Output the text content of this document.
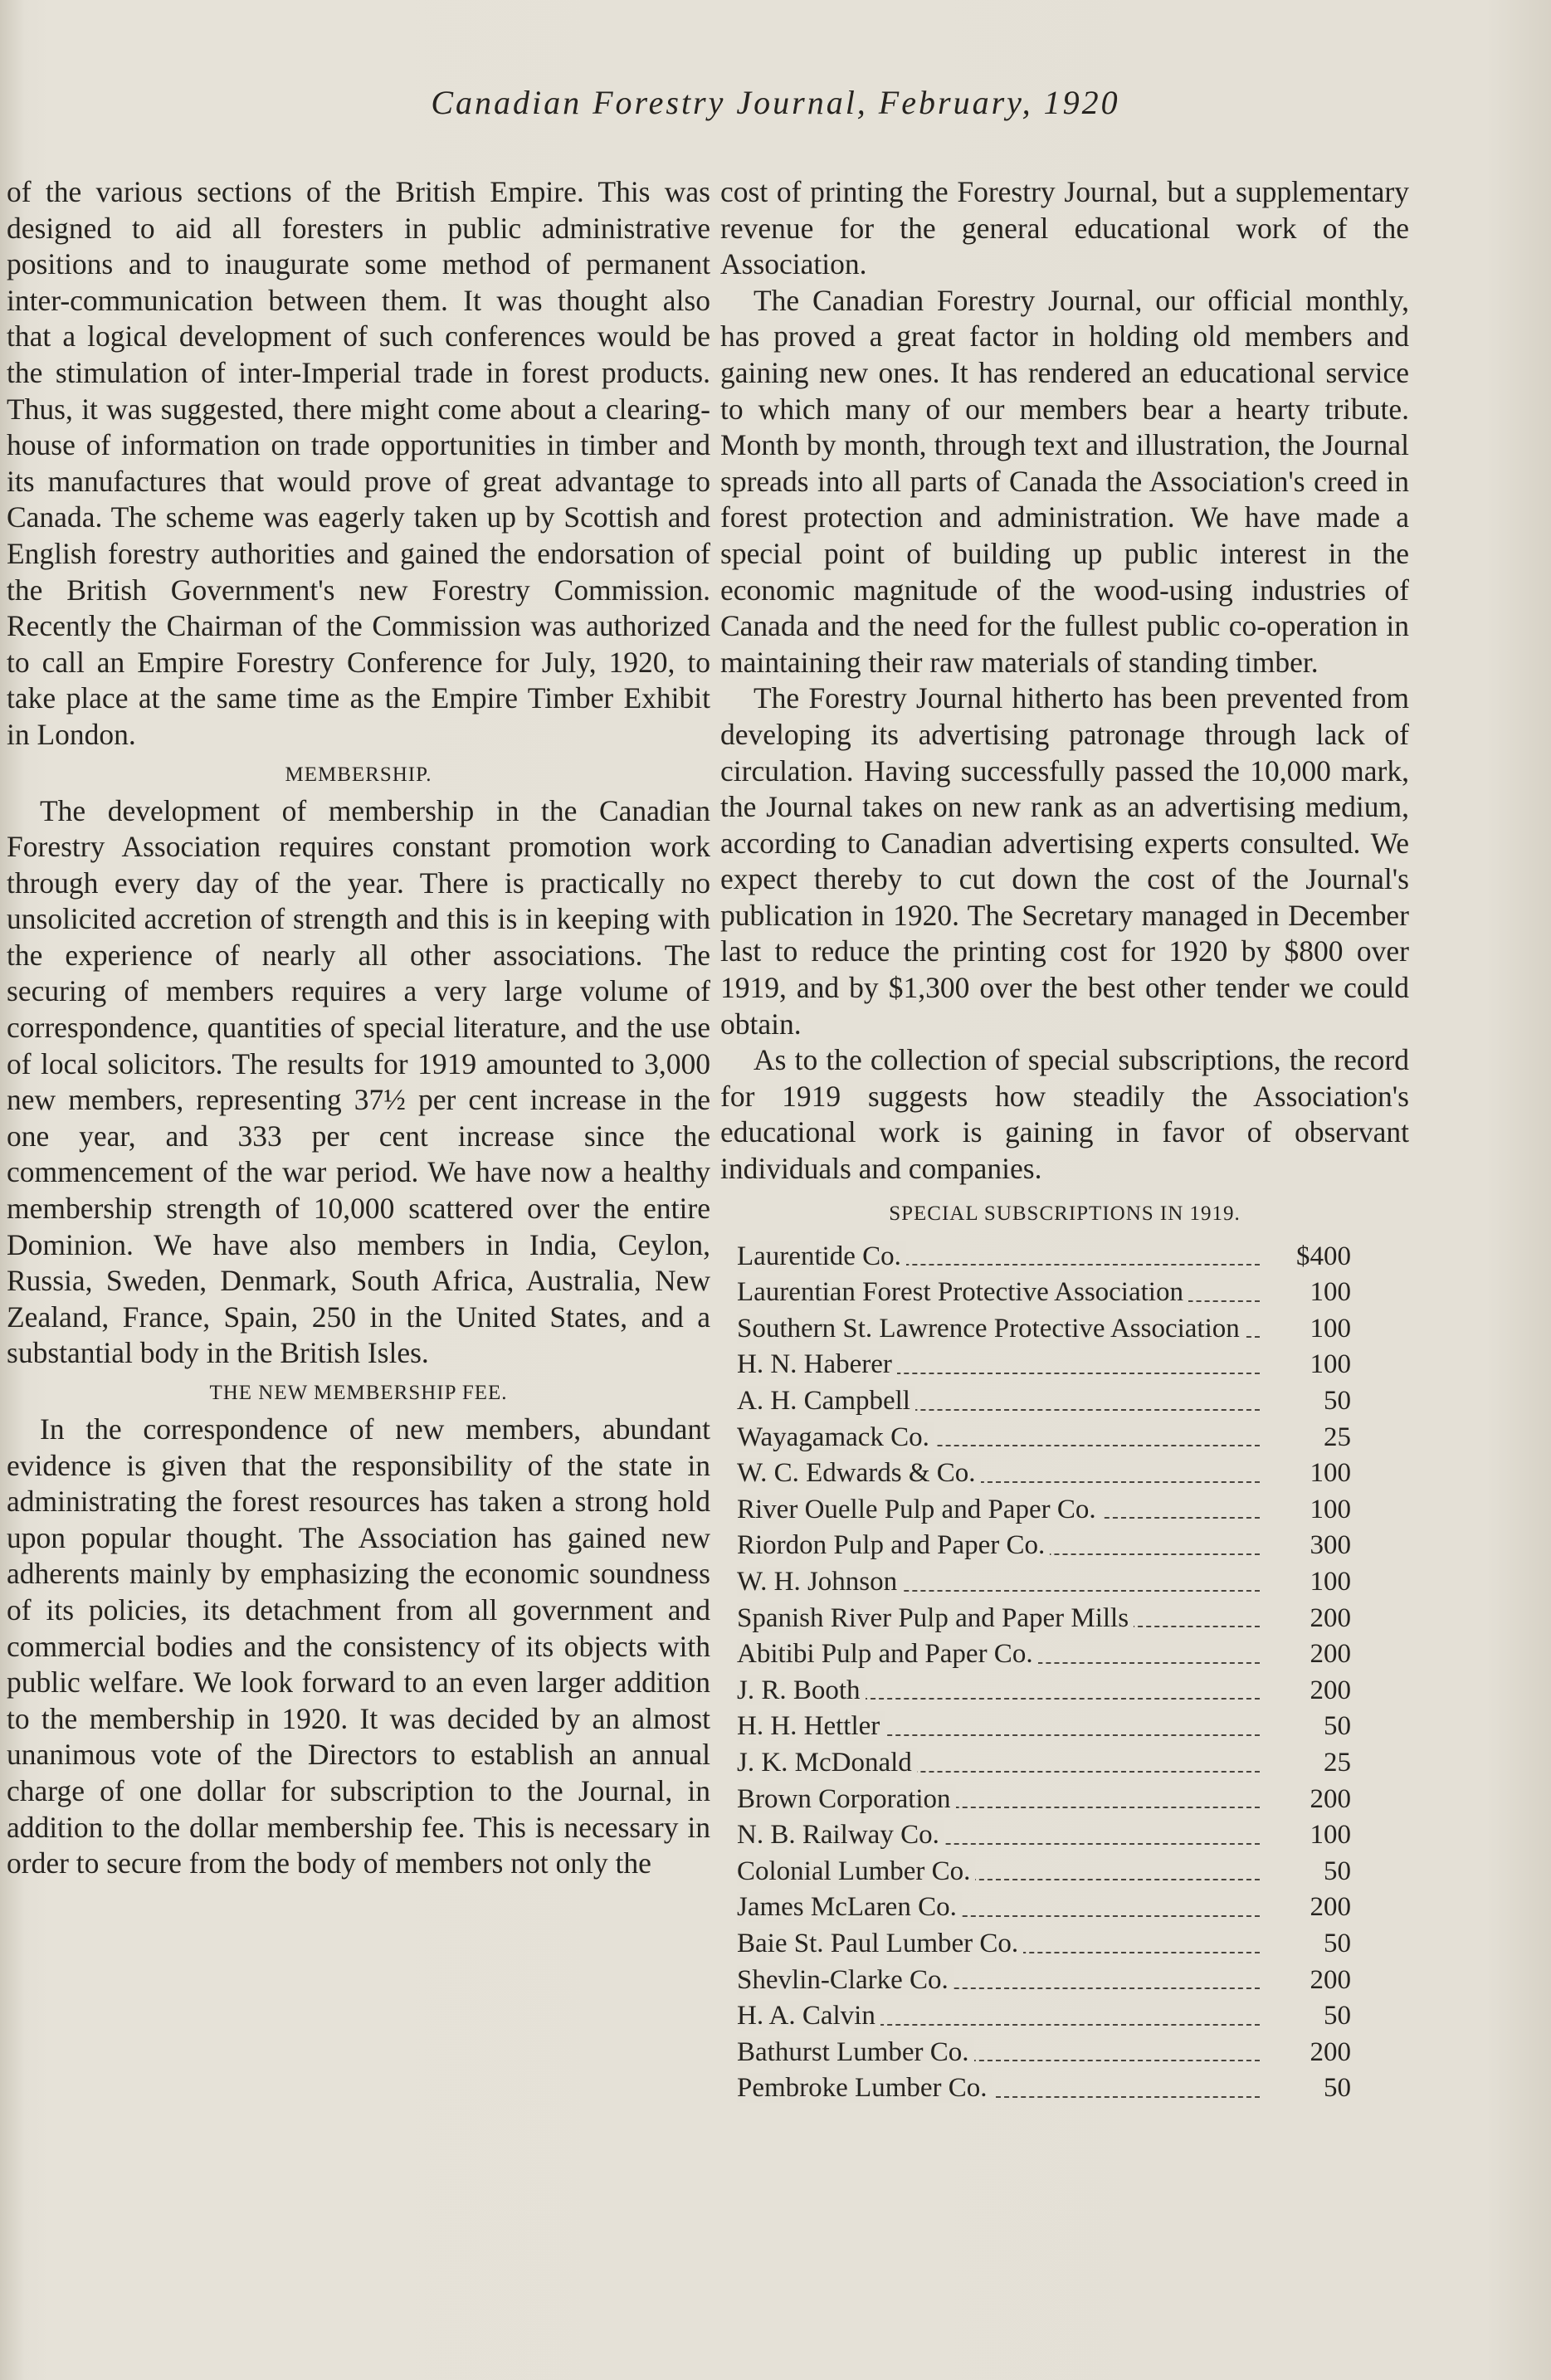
Canadian Forestry Journal, February, 1920

of the various sections of the British Empire. This was designed to aid all foresters in public administrative positions and to inaugurate some method of permanent inter-communication between them. It was thought also that a logical development of such conferences would be the stimulation of inter-Imperial trade in forest products. Thus, it was suggested, there might come about a clearing-house of information on trade opportunities in timber and its manufactures that would prove of great advantage to Canada. The scheme was eagerly taken up by Scottish and English forestry authorities and gained the endorsation of the British Government's new Forestry Commission. Recently the Chairman of the Commission was authorized to call an Empire Forestry Conference for July, 1920, to take place at the same time as the Empire Timber Exhibit in London.

MEMBERSHIP.

The development of membership in the Canadian Forestry Association requires constant promotion work through every day of the year. There is practically no unsolicited accretion of strength and this is in keeping with the experience of nearly all other associations. The securing of members requires a very large volume of correspondence, quantities of special literature, and the use of local solicitors. The results for 1919 amounted to 3,000 new members, representing 37½ per cent increase in the one year, and 333 per cent increase since the commencement of the war period. We have now a healthy membership strength of 10,000 scattered over the entire Dominion. We have also members in India, Ceylon, Russia, Sweden, Denmark, South Africa, Australia, New Zealand, France, Spain, 250 in the United States, and a substantial body in the British Isles.

THE NEW MEMBERSHIP FEE.

In the correspondence of new members, abundant evidence is given that the responsibility of the state in administrating the forest resources has taken a strong hold upon popular thought. The Association has gained new adherents mainly by emphasizing the economic soundness of its policies, its detachment from all government and commercial bodies and the consistency of its objects with public welfare. We look forward to an even larger addition to the membership in 1920. It was decided by an almost unanimous vote of the Directors to establish an annual charge of one dollar for subscription to the Journal, in addition to the dollar membership fee. This is necessary in order to secure from the body of members not only the

cost of printing the Forestry Journal, but a supplementary revenue for the general educational work of the Association.

The Canadian Forestry Journal, our official monthly, has proved a great factor in holding old members and gaining new ones. It has rendered an educational service to which many of our members bear a hearty tribute. Month by month, through text and illustration, the Journal spreads into all parts of Canada the Association's creed in forest protection and administration. We have made a special point of building up public interest in the economic magnitude of the wood-using industries of Canada and the need for the fullest public co-operation in maintaining their raw materials of standing timber.

The Forestry Journal hitherto has been prevented from developing its advertising patronage through lack of circulation. Having successfully passed the 10,000 mark, the Journal takes on new rank as an advertising medium, according to Canadian advertising experts consulted. We expect thereby to cut down the cost of the Journal's publication in 1920. The Secretary managed in December last to reduce the printing cost for 1920 by $800 over 1919, and by $1,300 over the best other tender we could obtain.

As to the collection of special subscriptions, the record for 1919 suggests how steadily the Association's educational work is gaining in favor of observant individuals and companies.

SPECIAL SUBSCRIPTIONS IN 1919.
Laurentide Co.	$400

Laurentian Forest Protective Association	100

Southern St. Lawrence Protective Association	100

H. N. Haberer	100

A. H. Campbell	50

Wayagamack Co.	25

W. C. Edwards & Co.	100

River Ouelle Pulp and Paper Co.	100

Riordon Pulp and Paper Co.	300

W. H. Johnson	100

Spanish River Pulp and Paper Mills	200

Abitibi Pulp and Paper Co.	200

J. R. Booth	200

H. H. Hettler	50

J. K. McDonald	25

Brown Corporation	200

N. B. Railway Co.	100

Colonial Lumber Co.	50

James McLaren Co.	200

Baie St. Paul Lumber Co.	50

Shevlin-Clarke Co.	200

H. A. Calvin	50

Bathurst Lumber Co.	200

Pembroke Lumber Co.	50
